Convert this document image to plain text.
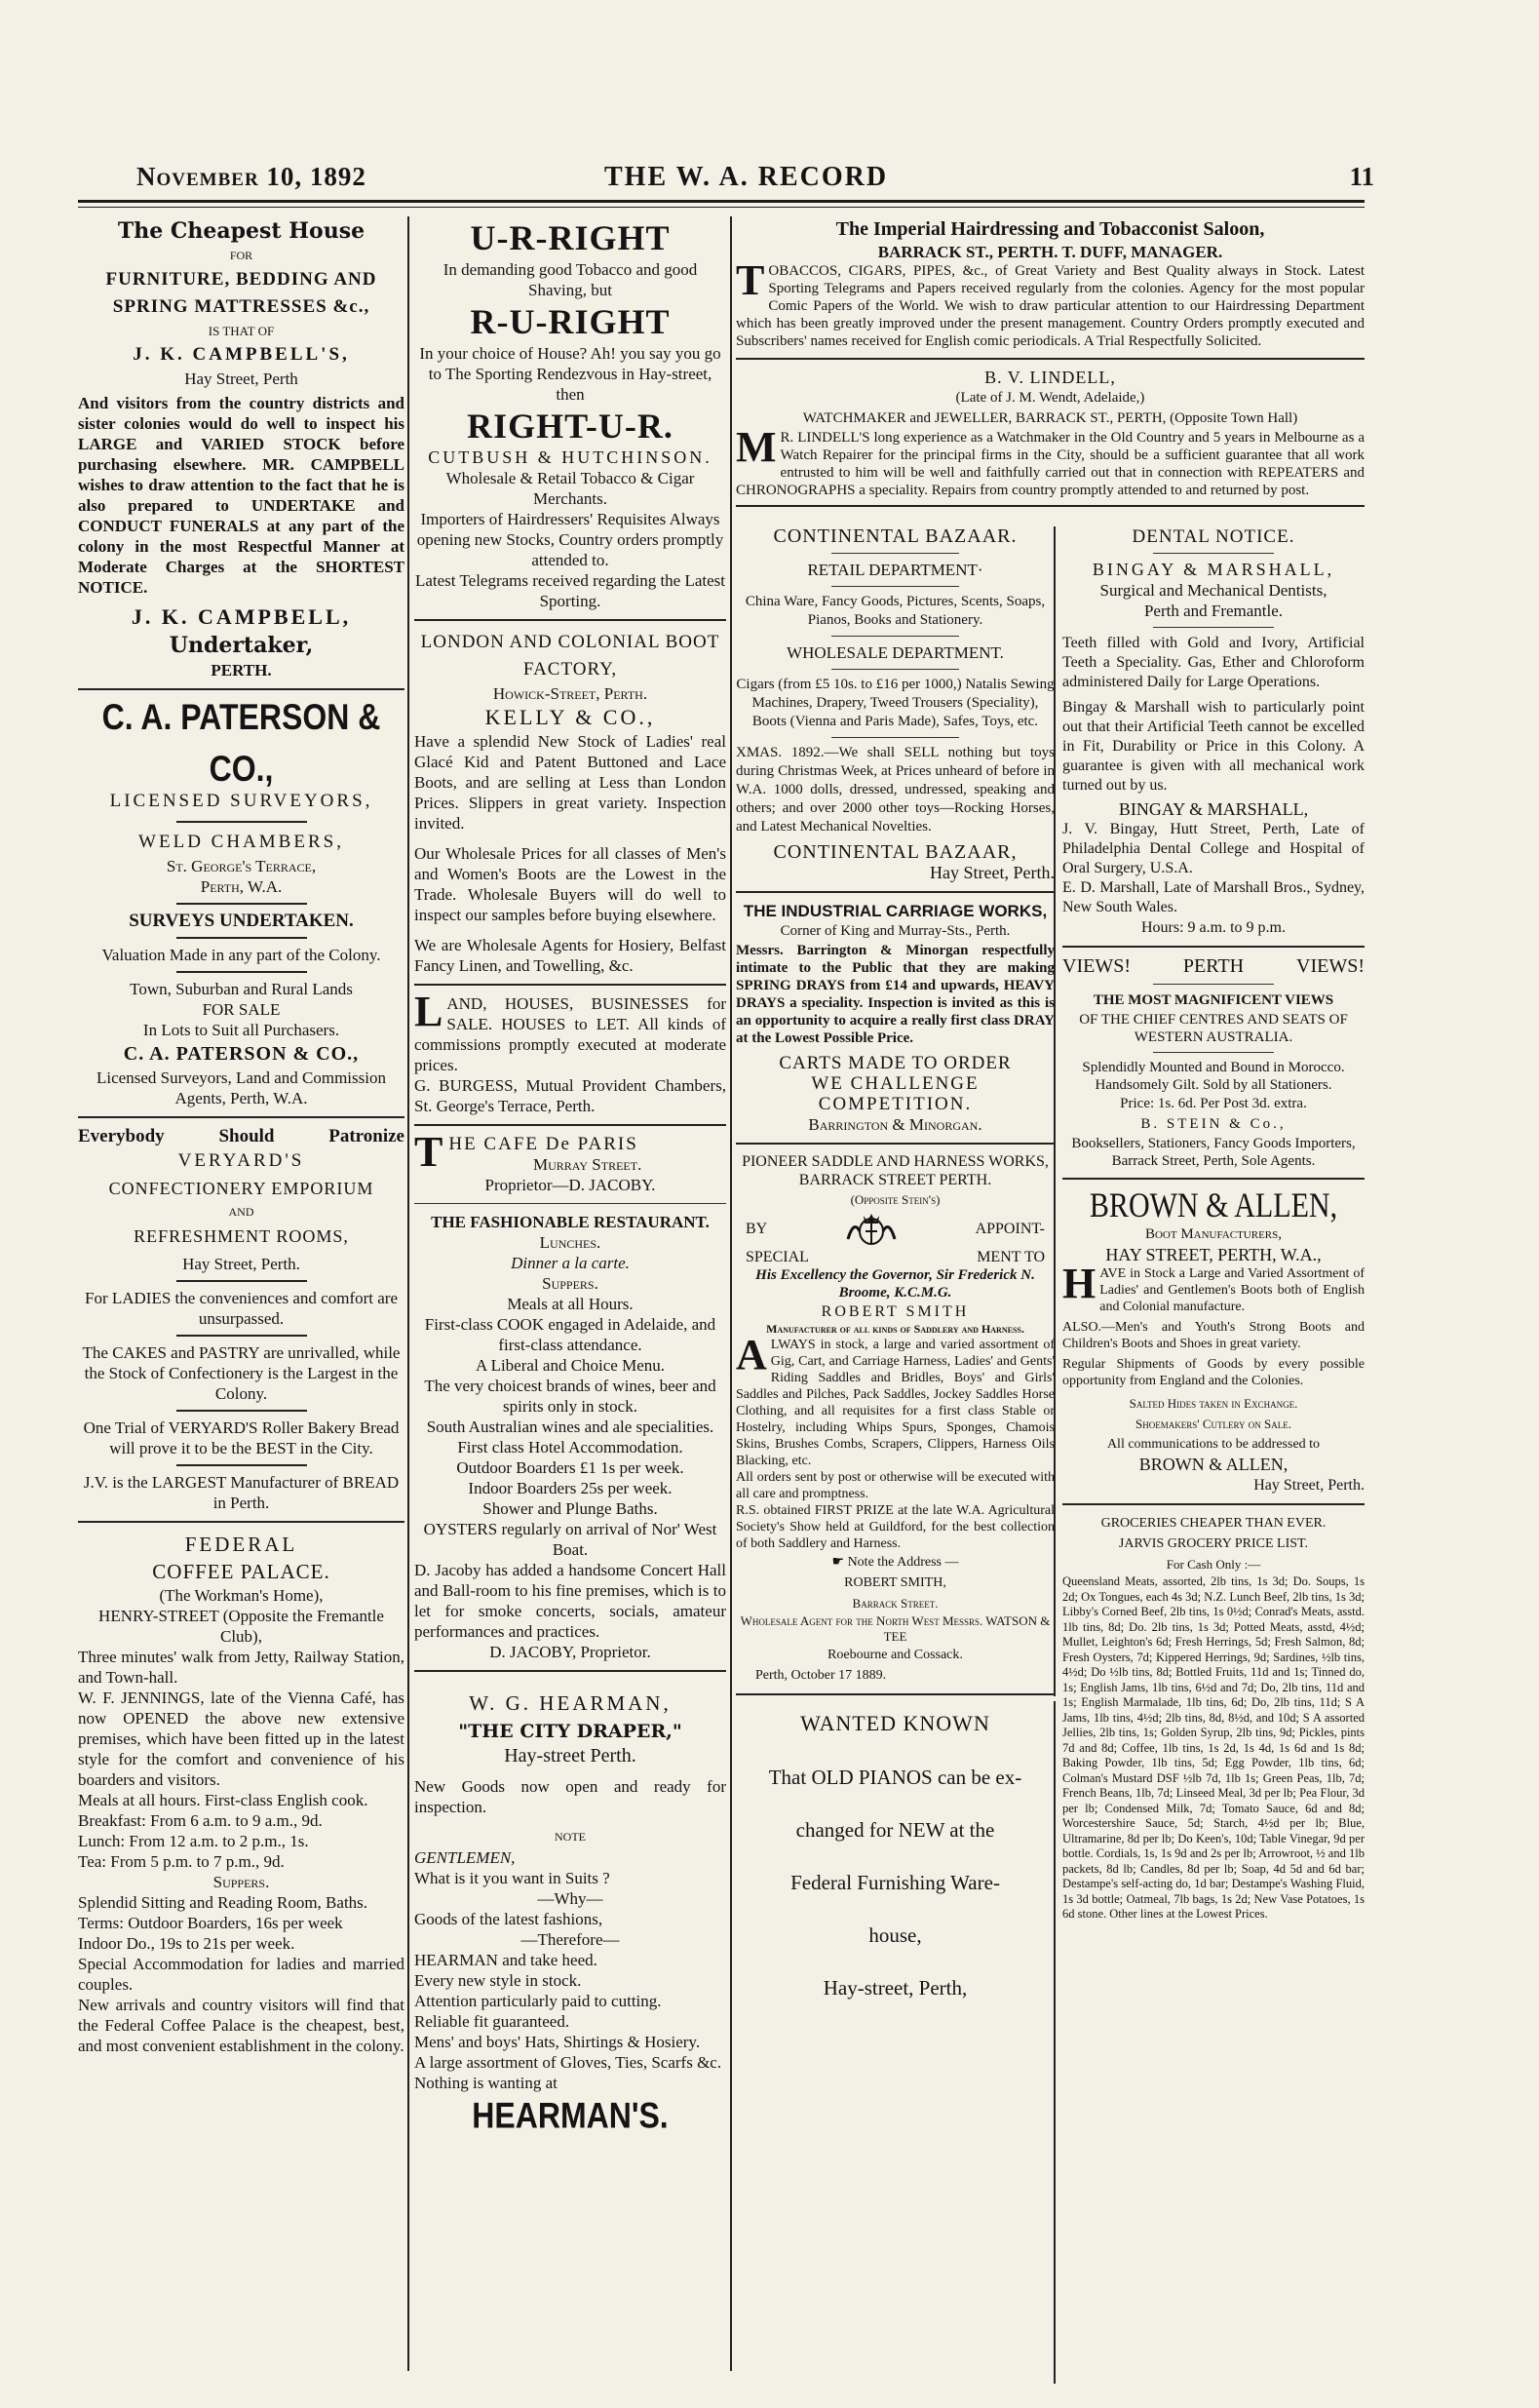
November 10, 1892	THE W. A. RECORD	11

The Cheapest House

FOR

FURNITURE, BEDDING AND

SPRING MATTRESSES &c.,

IS THAT OF

J. K. CAMPBELL'S,

Hay Street, Perth

And visitors from the country districts and sister colonies would do well to inspect his LARGE and VARIED STOCK before purchasing elsewhere. MR. CAMPBELL wishes to draw attention to the fact that he is also prepared to UNDERTAKE and CONDUCT FUNERALS at any part of the colony in the most Respectful Manner at Moderate Charges at the SHORTEST NOTICE.

J. K. CAMPBELL,

Undertaker,

PERTH.

C. A. PATERSON & CO.,

LICENSED SURVEYORS,

WELD CHAMBERS,

St. George's Terrace,

Perth, W.A.

SURVEYS UNDERTAKEN.

Valuation Made in any part of the Colony.

Town, Suburban and Rural Lands

FOR SALE

In Lots to Suit all Purchasers.

C. A. PATERSON & CO.,

Licensed Surveyors, Land and Commission Agents, Perth, W.A.

Everybody	Should	Patronize

VERYARD'S

CONFECTIONERY EMPORIUM

AND

REFRESHMENT ROOMS,

Hay Street, Perth.

For LADIES the conveniences and comfort are unsurpassed.

The CAKES and PASTRY are unrivalled, while the Stock of Confectionery is the Largest in the Colony.

One Trial of VERYARD'S Roller Bakery Bread will prove it to be the BEST in the City.

J.V. is the LARGEST Manufacturer of BREAD in Perth.

FEDERAL

COFFEE PALACE.

(The Workman's Home),

HENRY-STREET (Opposite the Fremantle Club),

Three minutes' walk from Jetty, Railway Station, and Town-hall.

W. F. JENNINGS, late of the Vienna Café, has now OPENED the above new extensive premises, which have been fitted up in the latest style for the comfort and convenience of his boarders and visitors.

Meals at all hours. First-class English cook.

Breakfast: From 6 a.m. to 9 a.m., 9d.

Lunch: From 12 a.m. to 2 p.m., 1s.

Tea: From 5 p.m. to 7 p.m., 9d.

Suppers.

Splendid Sitting and Reading Room, Baths.

Terms: Outdoor Boarders, 16s per week

Indoor Do., 19s to 21s per week.

Special Accommodation for ladies and married couples.

New arrivals and country visitors will find that the Federal Coffee Palace is the cheapest, best, and most convenient establishment in the colony.

U-R-RIGHT

In demanding good Tobacco and good Shaving, but

R-U-RIGHT

In your choice of House? Ah! you say you go to The Sporting Rendezvous in Hay-street, then

RIGHT-U-R.

CUTBUSH & HUTCHINSON.

Wholesale & Retail Tobacco & Cigar Merchants.

Importers of Hairdressers' Requisites Always opening new Stocks, Country orders promptly attended to.

Latest Telegrams received regarding the Latest Sporting.

LONDON AND COLONIAL BOOT FACTORY,

Howick-Street, Perth.

KELLY & CO.,

Have a splendid New Stock of Ladies' real Glacé Kid and Patent Buttoned and Lace Boots, and are selling at Less than London Prices. Slippers in great variety. Inspection invited.

Our Wholesale Prices for all classes of Men's and Women's Boots are the Lowest in the Trade. Wholesale Buyers will do well to inspect our samples before buying elsewhere.

We are Wholesale Agents for Hosiery, Belfast Fancy Linen, and Towelling, &c.

LAND, HOUSES, BUSINESSES for SALE. HOUSES to LET. All kinds of commissions promptly executed at moderate prices.

G. BURGESS, Mutual Provident Chambers, St. George's Terrace, Perth.

THE CAFE De PARIS

Murray Street.

Proprietor—D. JACOBY.

THE FASHIONABLE RESTAURANT.

Lunches.

Dinner a la carte.

Suppers.

Meals at all Hours.

First-class COOK engaged in Adelaide, and first-class attendance.

A Liberal and Choice Menu.

The very choicest brands of wines, beer and spirits only in stock.

South Australian wines and ale specialities.

First class Hotel Accommodation.

Outdoor Boarders £1 1s per week.

Indoor Boarders 25s per week.

Shower and Plunge Baths.

OYSTERS regularly on arrival of Nor' West Boat.

D. Jacoby has added a handsome Concert Hall and Ball-room to his fine premises, which is to let for smoke concerts, socials, amateur performances and practices.

D. JACOBY, Proprietor.

W. G. HEARMAN,

"THE CITY DRAPER,"

Hay-street Perth.

New Goods now open and ready for inspection.

NOTE

GENTLEMEN,

What is it you want in Suits ?

—Why—

Goods of the latest fashions,

—Therefore—

HEARMAN and take heed.

Every new style in stock.

Attention particularly paid to cutting.

Reliable fit guaranteed.

Mens' and boys' Hats, Shirtings & Hosiery.

A large assortment of Gloves, Ties, Scarfs &c.

Nothing is wanting at

HEARMAN'S.

The Imperial Hairdressing and Tobacconist Saloon,

BARRACK ST., PERTH. T. DUFF, MANAGER.

TOBACCOS, CIGARS, PIPES, &c., of Great Variety and Best Quality always in Stock. Latest Sporting Telegrams and Papers received regularly from the colonies. Agency for the most popular Comic Papers of the World. We wish to draw particular attention to our Hairdressing Department which has been greatly improved under the present management. Country Orders promptly executed and Subscribers' names received for English comic periodicals. A Trial Respectfully Solicited.

B. V. LINDELL,

(Late of J. M. Wendt, Adelaide,)

WATCHMAKER and JEWELLER, BARRACK ST., PERTH, (Opposite Town Hall)

M R. LINDELL'S long experience as a Watchmaker in the Old Country and 5 years in Melbourne as a Watch Repairer for the principal firms in the City, should be a sufficient guarantee that all work entrusted to him will be well and faithfully carried out that in connection with REPEATERS and CHRONOGRAPHS a speciality. Repairs from country promptly attended to and returned by post.

CONTINENTAL BAZAAR.

RETAIL DEPARTMENT·

China Ware, Fancy Goods, Pictures, Scents, Soaps, Pianos, Books and Stationery.

WHOLESALE DEPARTMENT.

Cigars (from £5 10s. to £16 per 1000,) Natalis Sewing Machines, Drapery, Tweed Trousers (Speciality), Boots (Vienna and Paris Made), Safes, Toys, etc.

XMAS. 1892.—We shall SELL nothing but toys during Christmas Week, at Prices unheard of before in W.A. 1000 dolls, dressed, undressed, speaking and others; and over 2000 other toys—Rocking Horses, and Latest Mechanical Novelties.

CONTINENTAL BAZAAR,

Hay Street, Perth.

THE INDUSTRIAL CARRIAGE WORKS,

Corner of King and Murray-Sts., Perth.

Messrs. Barrington & Minorgan respectfully intimate to the Public that they are making SPRING DRAYS from £14 and upwards, HEAVY DRAYS a speciality. Inspection is invited as this is an opportunity to acquire a really first class DRAY at the Lowest Possible Price.

CARTS MADE TO ORDER

WE CHALLENGE

COMPETITION.

Barrington & Minorgan.

PIONEER SADDLE AND HARNESS WORKS, BARRACK STREET PERTH.

(Opposite Stein's)

BY	APPOINT-
SPECIAL	MENT TO

His Excellency the Governor, Sir Frederick N. Broome, K.C.M.G.

ROBERT SMITH

Manufacturer of all kinds of Saddlery and Harness.

ALWAYS in stock, a large and varied assortment of Gig, Cart, and Carriage Harness, Ladies' and Gents' Riding Saddles and Bridles, Boys' and Girls' Saddles and Pilches, Pack Saddles, Jockey Saddles Horse Clothing, and all requisites for a first class Stable or Hostelry, including Whips Spurs, Sponges, Chamois Skins, Brushes Combs, Scrapers, Clippers, Harness Oils Blacking, etc.

All orders sent by post or otherwise will be executed with all care and promptness.

R.S. obtained FIRST PRIZE at the late W.A. Agricultural Society's Show held at Guildford, for the best collection of both Saddlery and Harness.

☛ Note the Address —

ROBERT SMITH,

Barrack Street.

Wholesale Agent for the North West Messrs. WATSON & TEE

Roebourne and Cossack.

Perth, October 17 1889.

WANTED KNOWN

That OLD PIANOS can be ex-

changed for NEW at the

Federal Furnishing Ware-

house,

Hay-street, Perth,

DENTAL NOTICE.

BINGAY & MARSHALL,

Surgical and Mechanical Dentists,

Perth and Fremantle.

Teeth filled with Gold and Ivory, Artificial Teeth a Speciality. Gas, Ether and Chloroform administered Daily for Large Operations.

Bingay & Marshall wish to particularly point out that their Artificial Teeth cannot be excelled in Fit, Durability or Price in this Colony. A guarantee is given with all mechanical work turned out by us.

BINGAY & MARSHALL,

J. V. Bingay, Hutt Street, Perth, Late of Philadelphia Dental College and Hospital of Oral Surgery, U.S.A.

E. D. Marshall, Late of Marshall Bros., Sydney, New South Wales.

Hours: 9 a.m. to 9 p.m.

VIEWS!	PERTH	VIEWS!

THE MOST MAGNIFICENT VIEWS

OF THE CHIEF CENTRES AND SEATS OF WESTERN AUSTRALIA.

Splendidly Mounted and Bound in Morocco. Handsomely Gilt. Sold by all Stationers.

Price: 1s. 6d. Per Post 3d. extra.

B. STEIN & Co.,

Booksellers, Stationers, Fancy Goods Importers, Barrack Street, Perth, Sole Agents.

BROWN & ALLEN,

Boot Manufacturers,

HAY STREET, PERTH, W.A.,

HAVE in Stock a Large and Varied Assortment of Ladies' and Gentlemen's Boots both of English and Colonial manufacture.

ALSO.—Men's and Youth's Strong Boots and Children's Boots and Shoes in great variety.

Regular Shipments of Goods by every possible opportunity from England and the Colonies.

Salted Hides taken in Exchange.

Shoemakers' Cutlery on Sale.

All communications to be addressed to

BROWN & ALLEN,

Hay Street, Perth.

GROCERIES CHEAPER THAN EVER.

JARVIS GROCERY PRICE LIST.

For Cash Only :—

Queensland Meats, assorted, 2lb tins, 1s 3d; Do. Soups, 1s 2d; Ox Tongues, each 4s 3d; N.Z. Lunch Beef, 2lb tins, 1s 3d; Libby's Corned Beef, 2lb tins, 1s 0½d; Conrad's Meats, asstd. 1lb tins, 8d; Do. 2lb tins, 1s 3d; Potted Meats, asstd, 4½d; Mullet, Leighton's 6d; Fresh Herrings, 5d; Fresh Salmon, 8d; Fresh Oysters, 7d; Kippered Herrings, 9d; Sardines, ½lb tins, 4½d; Do ½lb tins, 8d; Bottled Fruits, 11d and 1s; Tinned do, 1s; English Jams, 1lb tins, 6½d and 7d; Do, 2lb tins, 11d and 1s; English Marmalade, 1lb tins, 6d; Do, 2lb tins, 11d; S A Jams, 1lb tins, 4½d; 2lb tins, 8d, 8½d, and 10d; S A assorted Jellies, 2lb tins, 1s; Golden Syrup, 2lb tins, 9d; Pickles, pints 7d and 8d; Coffee, 1lb tins, 1s 2d, 1s 4d, 1s 6d and 1s 8d; Baking Powder, 1lb tins, 5d; Egg Powder, 1lb tins, 6d; Colman's Mustard DSF ½lb 7d, 1lb 1s; Green Peas, 1lb, 7d; French Beans, 1lb, 7d; Linseed Meal, 3d per lb; Pea Flour, 3d per lb; Condensed Milk, 7d; Tomato Sauce, 6d and 8d; Worcestershire Sauce, 5d; Starch, 4½d per lb; Blue, Ultramarine, 8d per lb; Do Keen's, 10d; Table Vinegar, 9d per bottle. Cordials, 1s, 1s 9d and 2s per lb; Arrowroot, ½ and 1lb packets, 8d lb; Candles, 8d per lb; Soap, 4d 5d and 6d bar; Destampe's self-acting do, 1d bar; Destampe's Washing Fluid, 1s 3d bottle; Oatmeal, 7lb bags, 1s 2d; New Vase Potatoes, 1s 6d stone. Other lines at the Lowest Prices.
